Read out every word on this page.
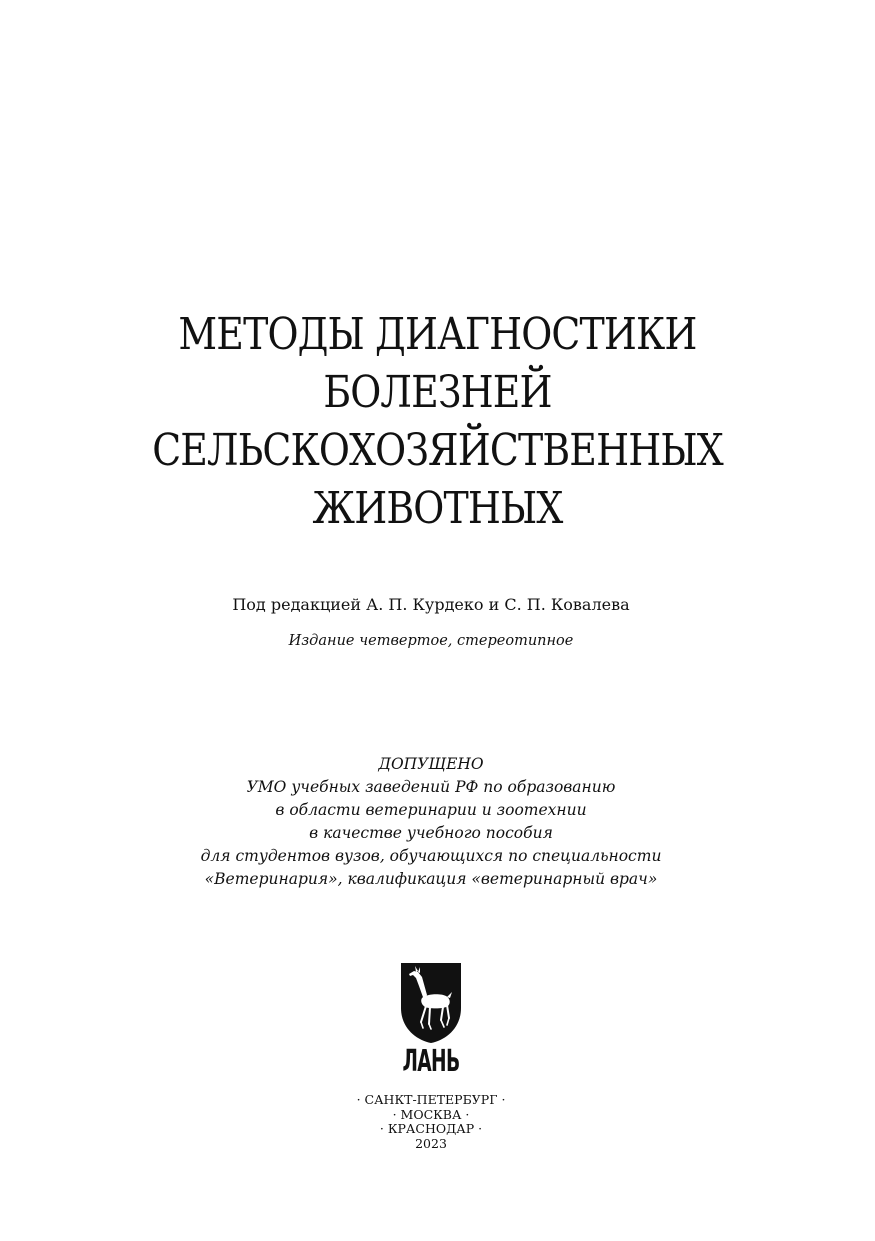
МЕТОДЫ ДИАГНОСТИКИ
БОЛЕЗНЕЙ
СЕЛЬСКОХОЗЯЙСТВЕННЫХ
ЖИВОТНЫХ
Под редакцией А. П. Курдеко и С. П. Ковалева
Издание четвертое, стереотипное
ДОПУЩЕНО
УМО учебных заведений РФ по образованию
в области ветеринарии и зоотехнии
в качестве учебного пособия
для студентов вузов, обучающихся по специальности
«Ветеринария», квалификация «ветеринарный врач»
ЛАНЬ
· САНКТ-ПЕТЕРБУРГ ·
· МОСКВА ·
· КРАСНОДАР ·
2023
